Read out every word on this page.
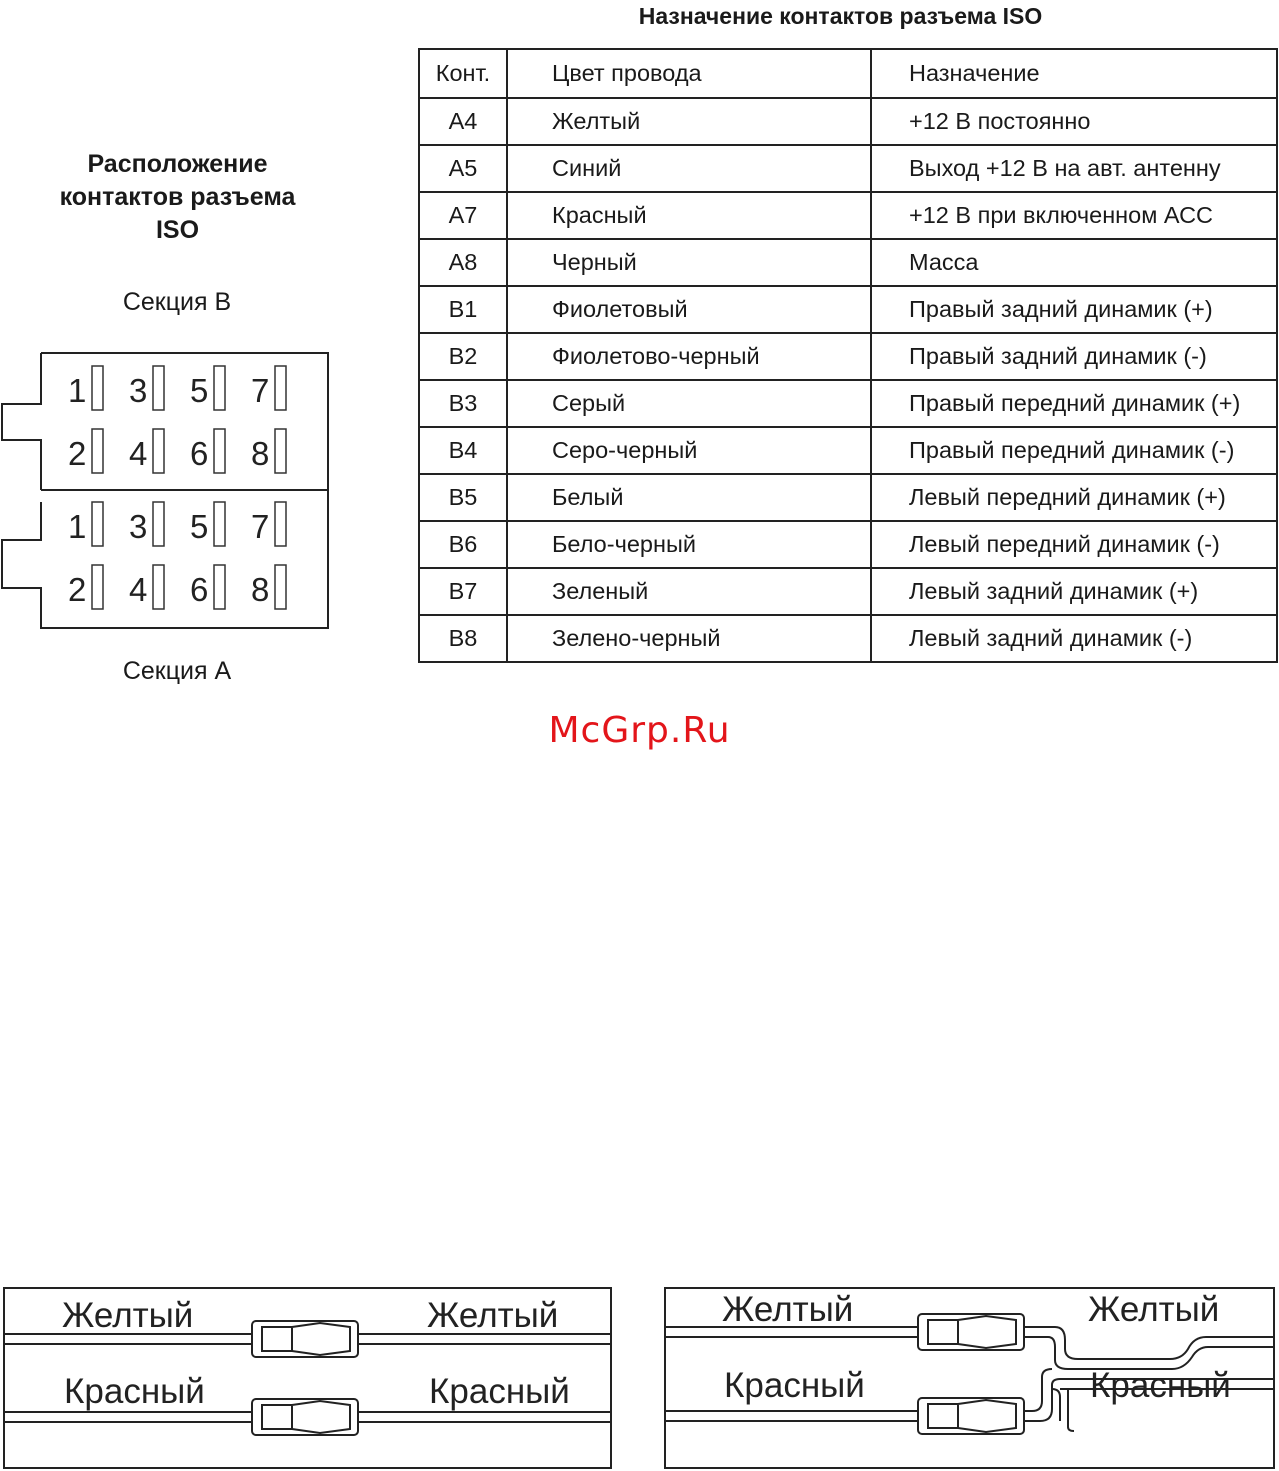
Расположение контактов разъема ISO
Секция В
Секция А
1 3 5 7
2 4 6 8
1 3 5 7
2 4 6 8
Назначение контактов разъема ISO
Конт.	Цвет провода	Назначение
А4	Желтый	+12 В постоянно
А5	Синий	Выход +12 В на авт. антенну
А7	Красный	+12 В при включенном АСС
А8	Черный	Масса
В1	Фиолетовый	Правый задний динамик (+)
В2	Фиолетово-черный	Правый задний динамик (-)
В3	Серый	Правый передний динамик (+)
В4	Серо-черный	Правый передний динамик (-)
В5	Белый	Левый передний динамик (+)
В6	Бело-черный	Левый передний динамик (-)
В7	Зеленый	Левый задний динамик (+)
В8	Зелено-черный	Левый задний динамик (-)
McGrp.Ru
Желтый	Желтый
Красный	Красный
Желтый	Желтый
Красный	Красный
